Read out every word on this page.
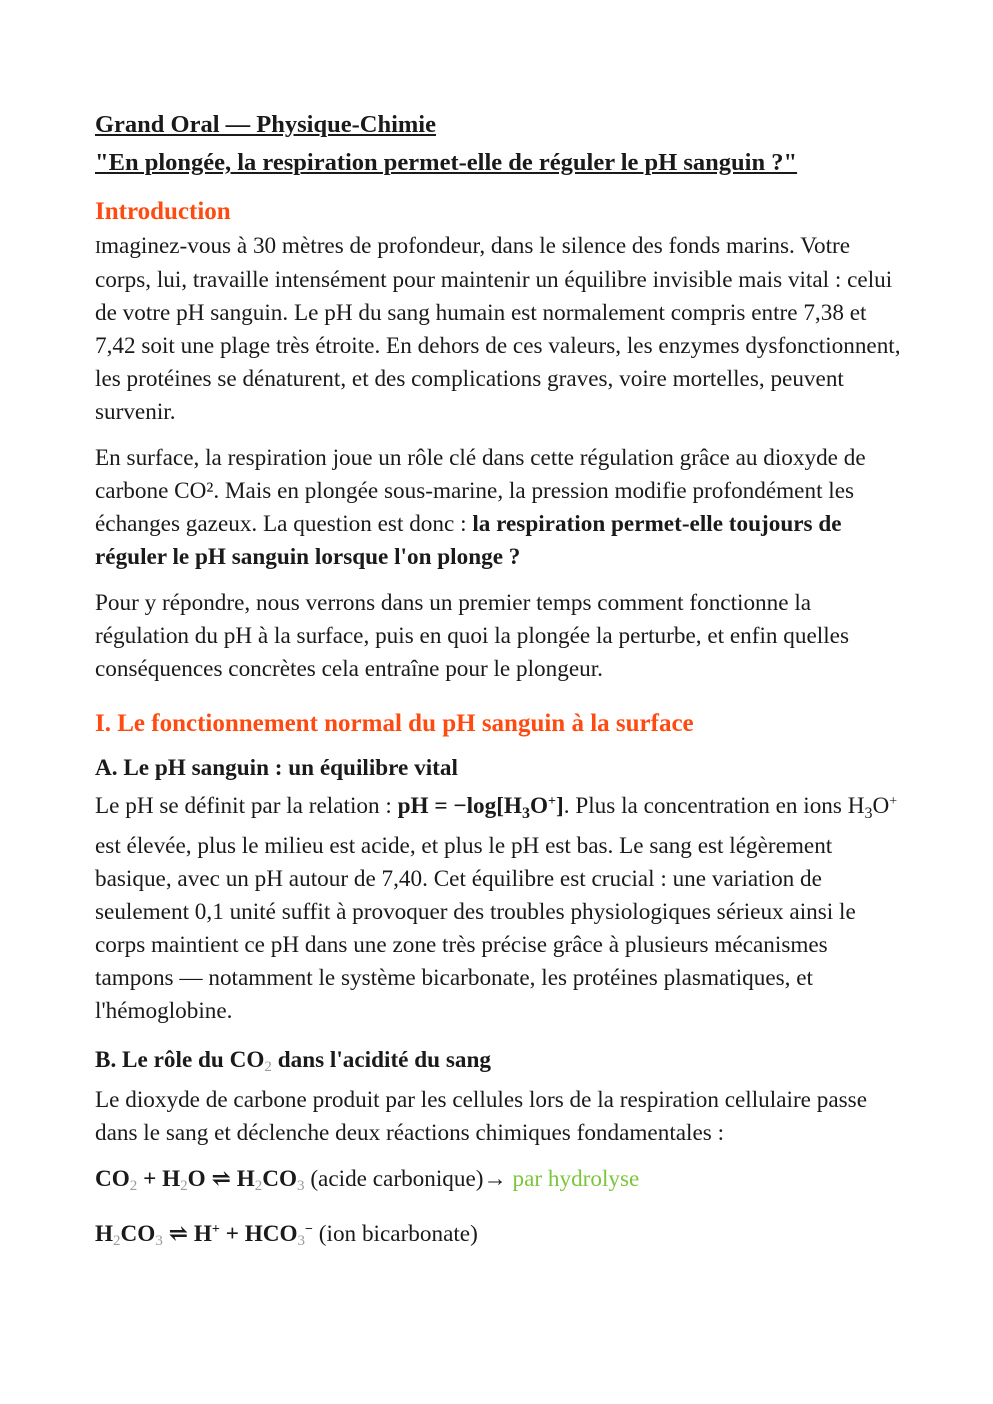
Grand Oral — Physique-Chimie

"En plongée, la respiration permet-elle de réguler le pH sanguin ?"

Introduction

Imaginez-vous à 30 mètres de profondeur, dans le silence des fonds marins. Votre corps, lui, travaille intensément pour maintenir un équilibre invisible mais vital : celui de votre pH sanguin. Le pH du sang humain est normalement compris entre 7,38 et 7,42 soit une plage très étroite. En dehors de ces valeurs, les enzymes dysfonctionnent, les protéines se dénaturent, et des complications graves, voire mortelles, peuvent survenir.

En surface, la respiration joue un rôle clé dans cette régulation grâce au dioxyde de carbone CO². Mais en plongée sous-marine, la pression modifie profondément les échanges gazeux. La question est donc : la respiration permet-elle toujours de réguler le pH sanguin lorsque l'on plonge ?

Pour y répondre, nous verrons dans un premier temps comment fonctionne la régulation du pH à la surface, puis en quoi la plongée la perturbe, et enfin quelles conséquences concrètes cela entraîne pour le plongeur.

I. Le fonctionnement normal du pH sanguin à la surface

A. Le pH sanguin : un équilibre vital

Le pH se définit par la relation : pH = $-\log[H_3O^+]$. Plus la concentration en ions $H_3O^+$ est élevée, plus le milieu est acide, et plus le pH est bas. Le sang est légèrement basique, avec un pH autour de 7,40. Cet équilibre est crucial : une variation de seulement 0,1 unité suffit à provoquer des troubles physiologiques sérieux ainsi le corps maintient ce pH dans une zone très précise grâce à plusieurs mécanismes tampons — notamment le système bicarbonate, les protéines plasmatiques, et l'hémoglobine.

B. Le rôle du CO2 dans l'acidité du sang

Le dioxyde de carbone produit par les cellules lors de la respiration cellulaire passe dans le sang et déclenche deux réactions chimiques fondamentales :

CO2 + H2O ⇌ H2CO3 (acide carbonique)→ par hydrolyse

H2CO3 ⇌ H+ + HCO3− (ion bicarbonate)
